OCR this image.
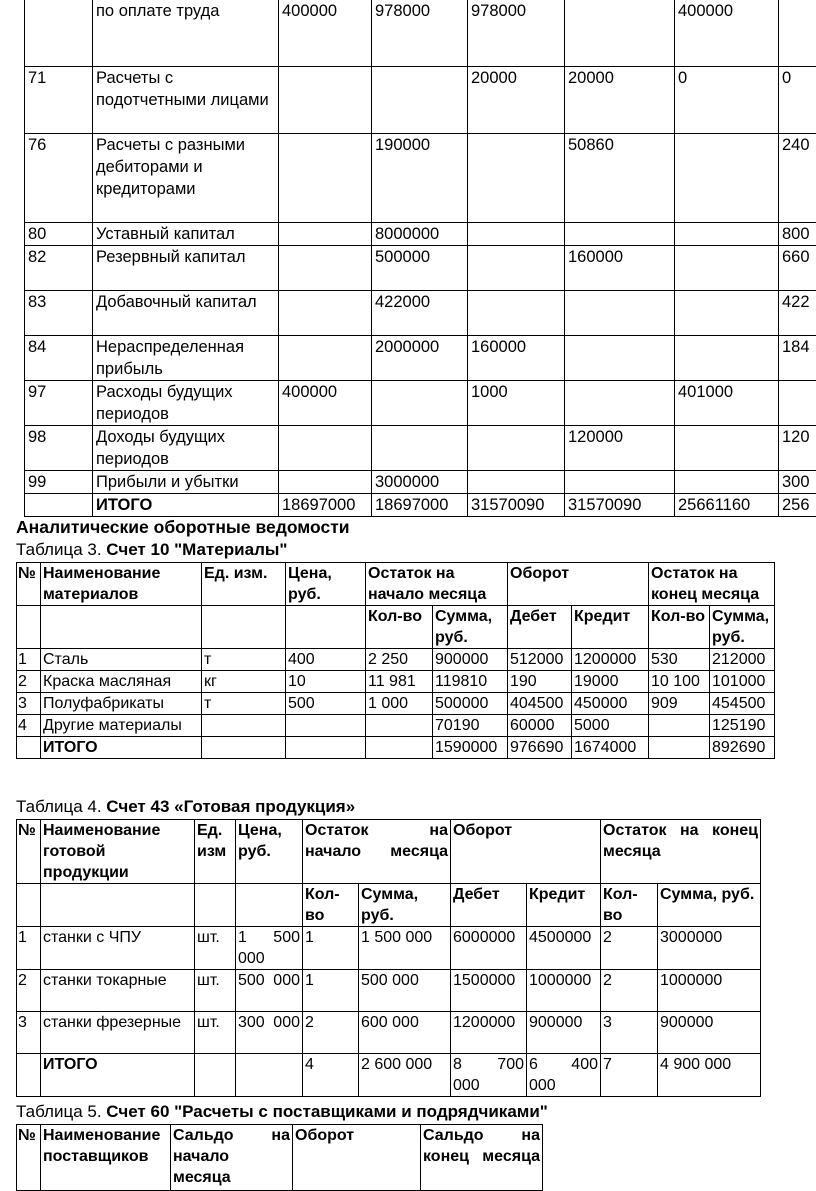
	по оплате труда	400000	978000	978000		400000	
71	Расчеты с подотчетными лицами			20000	20000	0	0
76	Расчеты с разными дебиторами и кредиторами		190000		50860		240
80	Уставный капитал		8000000				800
82	Резервный капитал		500000		160000		660
83	Добавочный капитал		422000				422
84	Нераспределенная прибыль		2000000	160000			184
97	Расходы будущих периодов	400000		1000		401000	
98	Доходы будущих периодов				120000		120
99	Прибыли и убытки		3000000				300
	ИТОГО	18697000	18697000	31570090	31570090	25661160	256
Аналитические оборотные ведомости
Таблица 3. Счет 10 "Материалы"
№	Наименование материалов	Ед. изм.	Цена, руб.	Остаток на начало месяца		Оборот		Остаток на конец месяца	
				Кол-во	Сумма, руб.	Дебет	Кредит	Кол-во	Сумма, руб.
1	Сталь	т	400	2 250	900000	512000	1200000	530	212000
2	Краска масляная	кг	10	11 981	119810	190	19000	10 100	101000
3	Полуфабрикаты	т	500	1 000	500000	404500	450000	909	454500
4	Другие материалы				70190	60000	5000		125190
	ИТОГО				1590000	976690	1674000		892690
Таблица 4. Счет 43 «Готовая продукция»
№	Наименование готовой продукции	Ед. изм	Цена, руб.	Остаток на начало месяца		Оборот		Остаток на конец месяца	
				Кол-во	Сумма, руб.	Дебет	Кредит	Кол-во	Сумма, руб.
1	станки с ЧПУ	шт.	1 500 000	1	1 500 000	6000000	4500000	2	3000000
2	станки токарные	шт.	500 000	1	500 000	1500000	1000000	2	1000000
3	станки фрезерные	шт.	300 000	2	600 000	1200000	900000	3	900000
	ИТОГО			4	2 600 000	8 700 000	6 400 000	7	4 900 000
Таблица 5. Счет 60 "Расчеты с поставщиками и подрядчиками"
№	Наименование поставщиков	Сальдо на начало месяца	Оборот	Сальдо на конец месяца
